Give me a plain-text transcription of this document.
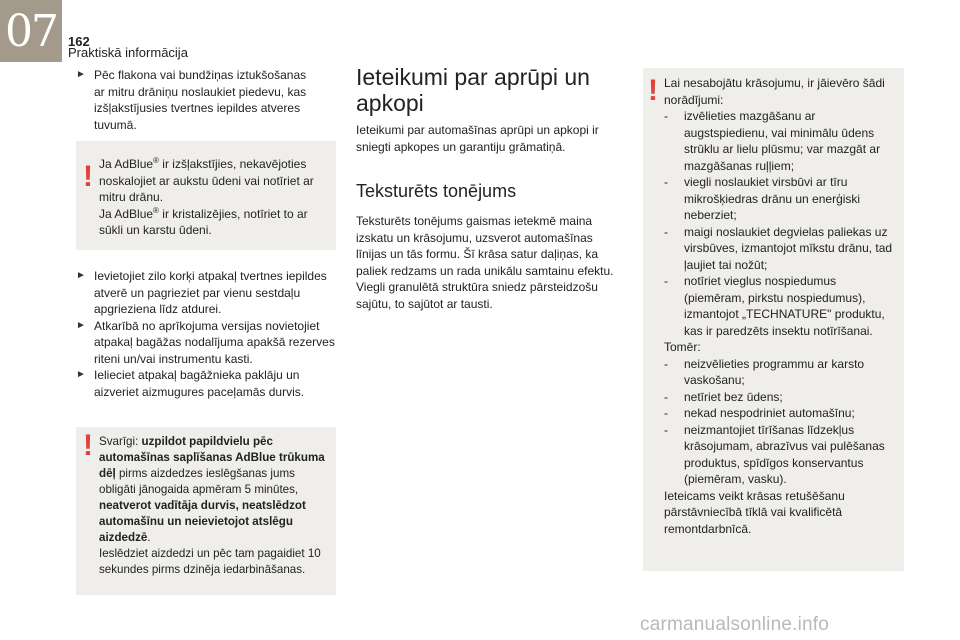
07 162
Praktiskā informācija
► Pēc flakona vai bundžiņas iztukšošanas ar mitru drāniņu noslaukiet piedevu, kas izšļakstījusies tvertnes iepildes atveres tuvumā.
! Ja AdBlue® ir izšļakstījies, nekavējoties noskalojiet ar aukstu ūdeni vai notīriet ar mitru drānu.
Ja AdBlue® ir kristalizējies, notīriet to ar sūkli un karstu ūdeni.
► Ievietojiet zilo korķi atpakaļ tvertnes iepildes atverē un pagrieziet par vienu sestdaļu apgrieziena līdz atdurei.
► Atkarībā no aprīkojuma versijas novietojiet atpakaļ bagāžas nodalījuma apakšā rezerves riteni un/vai instrumentu kasti.
► Ielieciet atpakaļ bagāžnieka paklāju un aizveriet aizmugures paceļamās durvis.
! Svarīgi: uzpildot papildvielu pēc automašīnas saplīšanas AdBlue trūkuma dēļ pirms aizdedzes ieslēgšanas jums obligāti jānogaida apmēram 5 minūtes, neatverot vadītāja durvis, neatslēdzot automašīnu un neievietojot atslēgu aizdedzē.
Ieslēdziet aizdedzi un pēc tam pagaidiet 10 sekundes pirms dzinēja iedarbināšanas.
Ieteikumi par aprūpi un apkopi
Ieteikumi par automašīnas aprūpi un apkopi ir sniegti apkopes un garantiju grāmatiņā.
Teksturēts tonējums
Teksturēts tonējums gaismas ietekmē maina izskatu un krāsojumu, uzsverot automašīnas līnijas un tās formu. Šī krāsa satur daļiņas, ka paliek redzams un rada unikālu samtainu efektu. Viegli granulētā struktūra sniedz pārsteidzošu sajūtu, to sajūtot ar tausti.
! Lai nesabojātu krāsojumu, ir jāievēro šādi norādījumi:
- izvēlieties mazgāšanu ar augstspiedienu, vai minimālu ūdens strūklu ar lielu plūsmu; var mazgāt ar mazgāšanas ruļļiem;
- viegli noslaukiet virsbūvi ar tīru mikrošķiedras drānu un enerģiski neberziet;
- maigi noslaukiet degvielas paliekas uz virsbūves, izmantojot mīkstu drānu, tad ļaujiet tai nožūt;
- notīriet vieglus nospiedumus (piemēram, pirkstu nospiedumus), izmantojot „TECHNATURE" produktu, kas ir paredzēts insektu notīrīšanai.
Tomēr:
- neizvēlieties programmu ar karsto vaskošanu;
- netīriet bez ūdens;
- nekad nespodriniet automašīnu;
- neizmantojiet tīrīšanas līdzekļus krāsojumam, abrazīvus vai pulēšanas produktus, spīdīgos konservantus (piemēram, vasku).
Ieteicams veikt krāsas retušēšanu pārstāvniecībā tīklā vai kvalificētā remontdarbnīcā.
carmanualsonline.info
